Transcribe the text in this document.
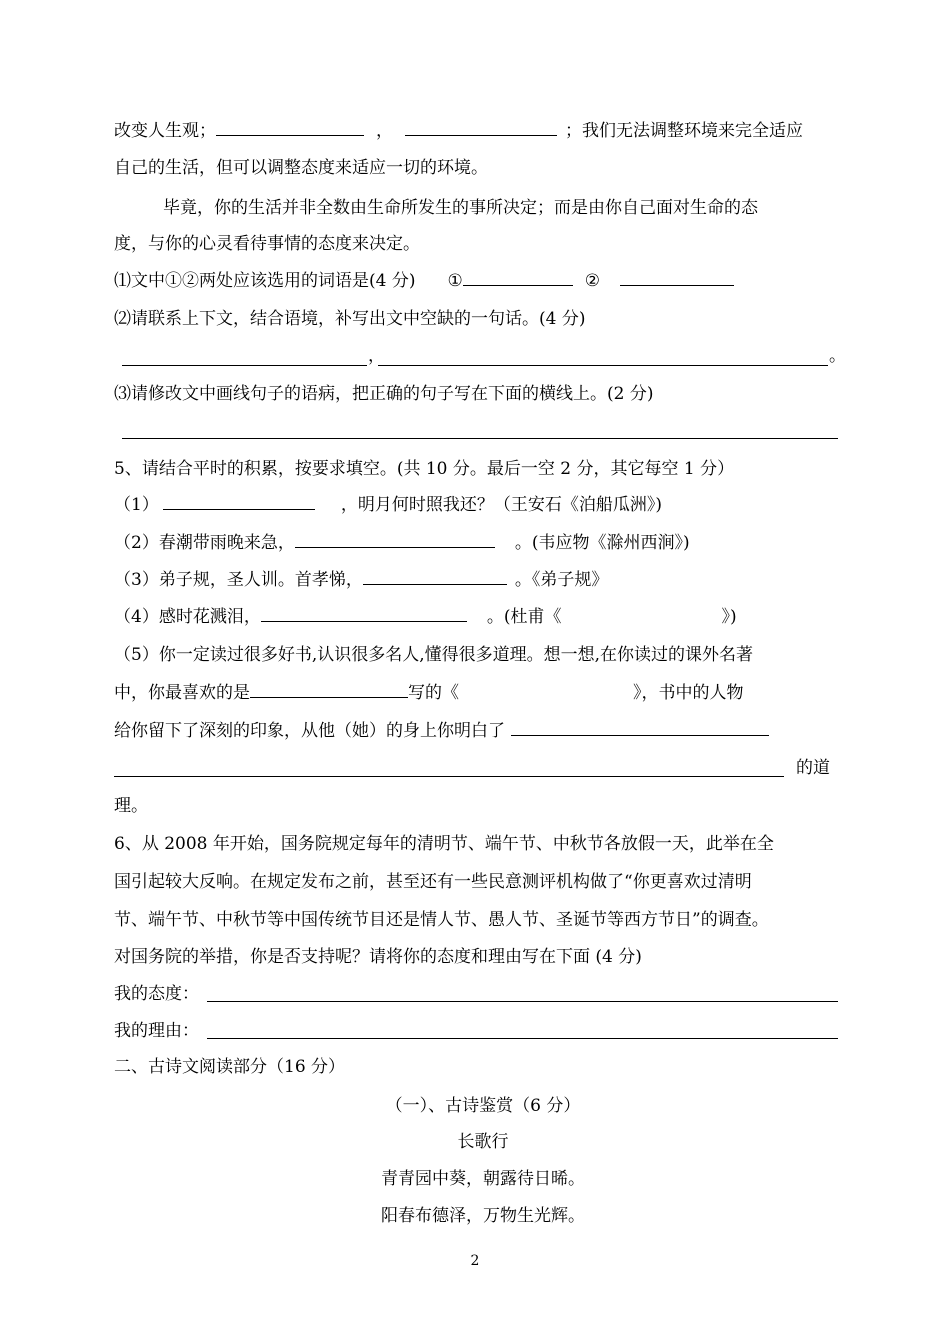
改变人生观；	，	；我们无法调整环境来完全适应
自己的生活，但可以调整态度来适应一切的环境。
毕竟，你的生活并非全数由生命所发生的事所决定；而是由你自己面对生命的态
度，与你的心灵看待事情的态度来决定。
⑴文中①②两处应该选用的词语是(4 分) ①	②
⑵请联系上下文，结合语境，补写出文中空缺的一句话。(4 分)
，	。
⑶请修改文中画线句子的语病，把正确的句子写在下面的横线上。(2 分)
5、请结合平时的积累，按要求填空。(共 10 分。最后一空 2 分，其它每空 1 分）
（1）	，明月何时照我还？（王安石《泊船瓜洲》)
（2）春潮带雨晚来急，	。(韦应物《滁州西涧》)
（3）弟子规，圣人训。首孝悌，	。《弟子规》
（4）感时花溅泪，	。(杜甫《	》)
（5）你一定读过很多好书,认识很多名人,懂得很多道理。想一想,在你读过的课外名著
中，你最喜欢的是	写的《	》，书中的人物
给你留下了深刻的印象，从他（她）的身上你明白了
的道
理。
6、从 2008 年开始，国务院规定每年的清明节、端午节、中秋节各放假一天，此举在全
国引起较大反响。在规定发布之前，甚至还有一些民意测评机构做了“你更喜欢过清明
节、端午节、中秋节等中国传统节目还是情人节、愚人节、圣诞节等西方节日”的调查。
对国务院的举措，你是否支持呢？请将你的态度和理由写在下面 (4 分)
我的态度：
我的理由：
二、古诗文阅读部分（16 分）
（一）、古诗鉴赏（6 分）
长歌行
青青园中葵，朝露待日晞。
阳春布德泽，万物生光辉。
2
